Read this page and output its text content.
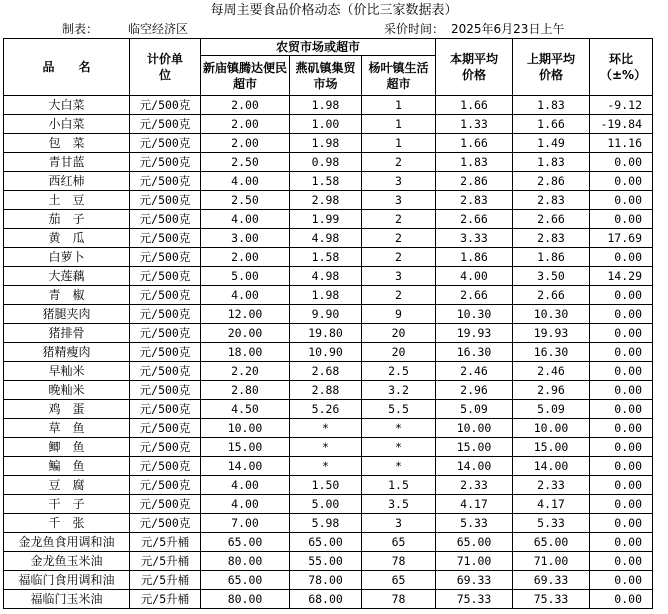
每周主要食品价格动态（价比三家数据表）
制表： 临空经济区	采价时间： 2025年6月23日上午
品　　名	计价单位	农贸市场或超市			本期平均价格	上期平均价格	环比（±%）
		新庙镇腾达便民超市	燕矶镇集贸市场	杨叶镇生活超市			
大白菜	元/500克	2.00	1.98	1	1.66	1.83	-9.12
小白菜	元/500克	2.00	1.00	1	1.33	1.66	-19.84
包　菜	元/500克	2.00	1.98	1	1.66	1.49	11.16
青甘蓝	元/500克	2.50	0.98	2	1.83	1.83	0.00
西红柿	元/500克	4.00	1.58	3	2.86	2.86	0.00
土　豆	元/500克	2.50	2.98	3	2.83	2.83	0.00
茄　子	元/500克	4.00	1.99	2	2.66	2.66	0.00
黄　瓜	元/500克	3.00	4.98	2	3.33	2.83	17.69
白萝卜	元/500克	2.00	1.58	2	1.86	1.86	0.00
大莲藕	元/500克	5.00	4.98	3	4.00	3.50	14.29
青　椒	元/500克	4.00	1.98	2	2.66	2.66	0.00
猪腿夹肉	元/500克	12.00	9.90	9	10.30	10.30	0.00
猪排骨	元/500克	20.00	19.80	20	19.93	19.93	0.00
猪精瘦肉	元/500克	18.00	10.90	20	16.30	16.30	0.00
早籼米	元/500克	2.20	2.68	2.5	2.46	2.46	0.00
晚籼米	元/500克	2.80	2.88	3.2	2.96	2.96	0.00
鸡　蛋	元/500克	4.50	5.26	5.5	5.09	5.09	0.00
草　鱼	元/500克	10.00	*	*	10.00	10.00	0.00
鲫　鱼	元/500克	15.00	*	*	15.00	15.00	0.00
鳊　鱼	元/500克	14.00	*	*	14.00	14.00	0.00
豆　腐	元/500克	4.00	1.50	1.5	2.33	2.33	0.00
干　子	元/500克	4.00	5.00	3.5	4.17	4.17	0.00
千　张	元/500克	7.00	5.98	3	5.33	5.33	0.00
金龙鱼食用调和油	元/5升桶	65.00	65.00	65	65.00	65.00	0.00
金龙鱼玉米油	元/5升桶	80.00	55.00	78	71.00	71.00	0.00
福临门食用调和油	元/5升桶	65.00	78.00	65	69.33	69.33	0.00
福临门玉米油	元/5升桶	80.00	68.00	78	75.33	75.33	0.00
